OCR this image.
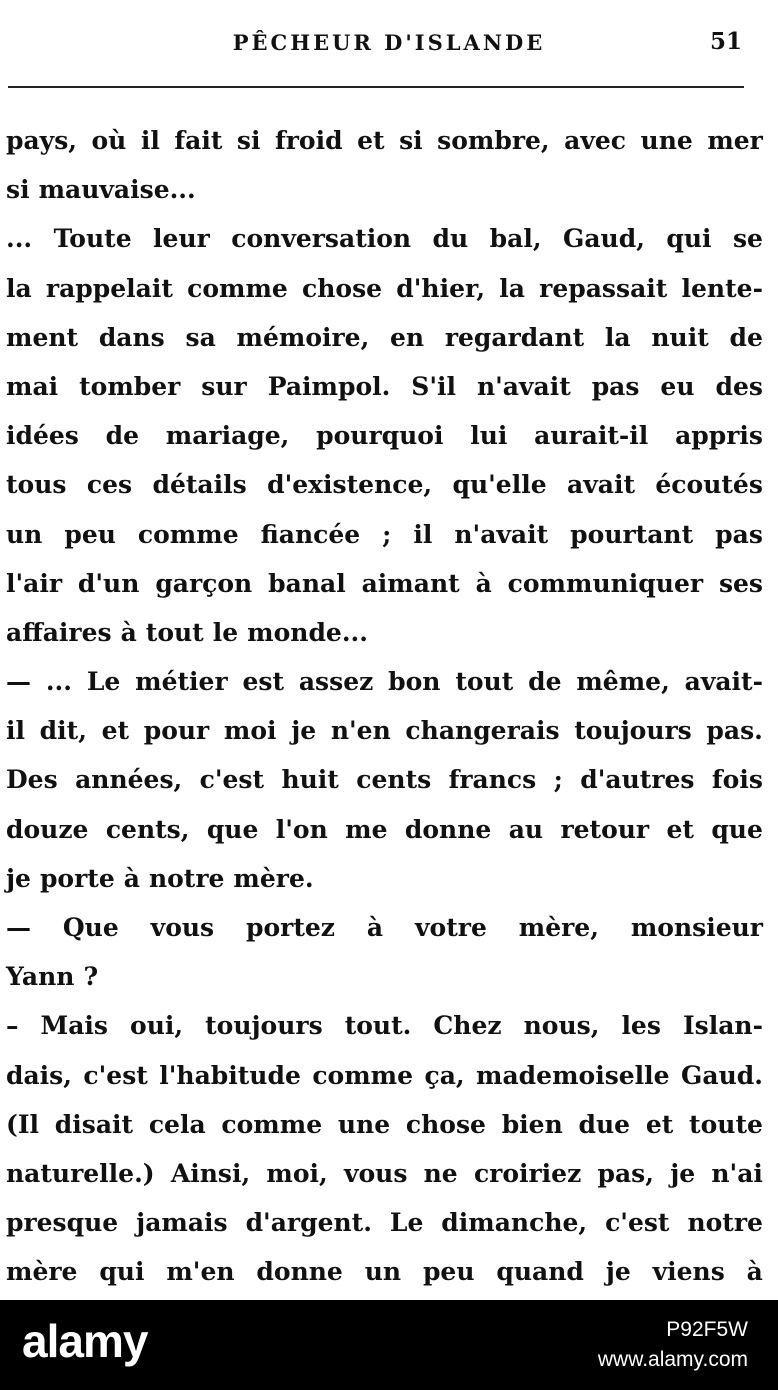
PÊCHEUR D'ISLANDE	51
pays, où il fait si froid et si sombre, avec une mer
si mauvaise...
... Toute leur conversation du bal, Gaud, qui se
la rappelait comme chose d'hier, la repassait lente-
ment dans sa mémoire, en regardant la nuit de
mai tomber sur Paimpol. S'il n'avait pas eu des
idées de mariage, pourquoi lui aurait-il appris
tous ces détails d'existence, qu'elle avait écoutés
un peu comme fiancée ; il n'avait pourtant pas
l'air d'un garçon banal aimant à communiquer ses
affaires à tout le monde...
— ... Le métier est assez bon tout de même, avait-
il dit, et pour moi je n'en changerais toujours pas.
Des années, c'est huit cents francs ; d'autres fois
douze cents, que l'on me donne au retour et que
je porte à notre mère.
— Que vous portez à votre mère, monsieur
Yann ?
– Mais oui, toujours tout. Chez nous, les Islan-
dais, c'est l'habitude comme ça, mademoiselle Gaud.
(Il disait cela comme une chose bien due et toute
naturelle.) Ainsi, moi, vous ne croiriez pas, je n'ai
presque jamais d'argent. Le dimanche, c'est notre
mère qui m'en donne un peu quand je viens à
alamy	P92F5W
www.alamy.com
